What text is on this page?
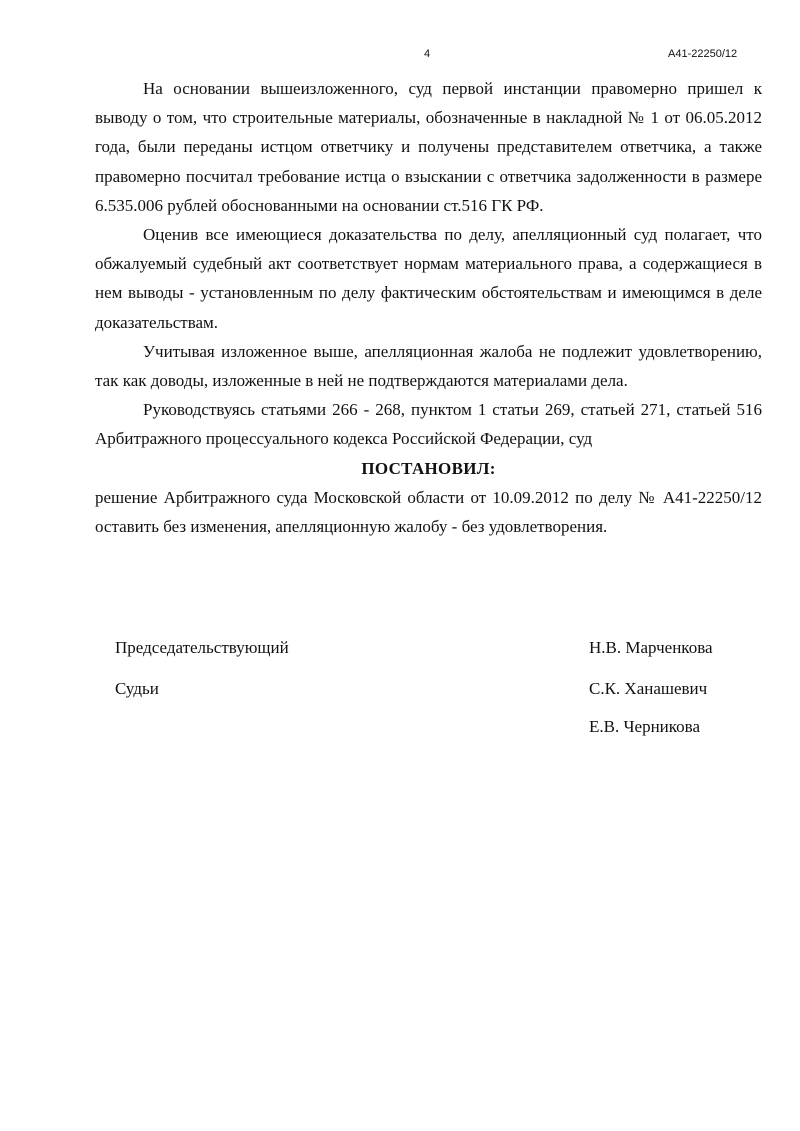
4	А41-22250/12

На основании вышеизложенного, суд первой инстанции правомерно пришел к выводу о том, что строительные материалы, обозначенные в накладной № 1 от 06.05.2012 года, были переданы истцом ответчику и получены представителем ответчика, а также правомерно посчитал требование истца о взыскании с ответчика задолженности в размере 6.535.006 рублей обоснованными на основании ст.516 ГК РФ.

Оценив все имеющиеся доказательства по делу, апелляционный суд полагает, что обжалуемый судебный акт соответствует нормам материального права, а содержащиеся в нем выводы - установленным по делу фактическим обстоятельствам и имеющимся в деле доказательствам.

Учитывая изложенное выше, апелляционная жалоба не подлежит удовлетворению, так как доводы, изложенные в ней не подтверждаются материалами дела.

Руководствуясь статьями 266 - 268, пунктом 1 статьи 269, статьей 271, статьей 516 Арбитражного процессуального кодекса Российской Федерации, суд

ПОСТАНОВИЛ:

решение Арбитражного суда Московской области от 10.09.2012 по делу № А41-22250/12 оставить без изменения, апелляционную жалобу - без удовлетворения.

Председательствующий	Н.В. Марченкова
Судьи	С.К. Ханашевич
Е.В. Черникова
